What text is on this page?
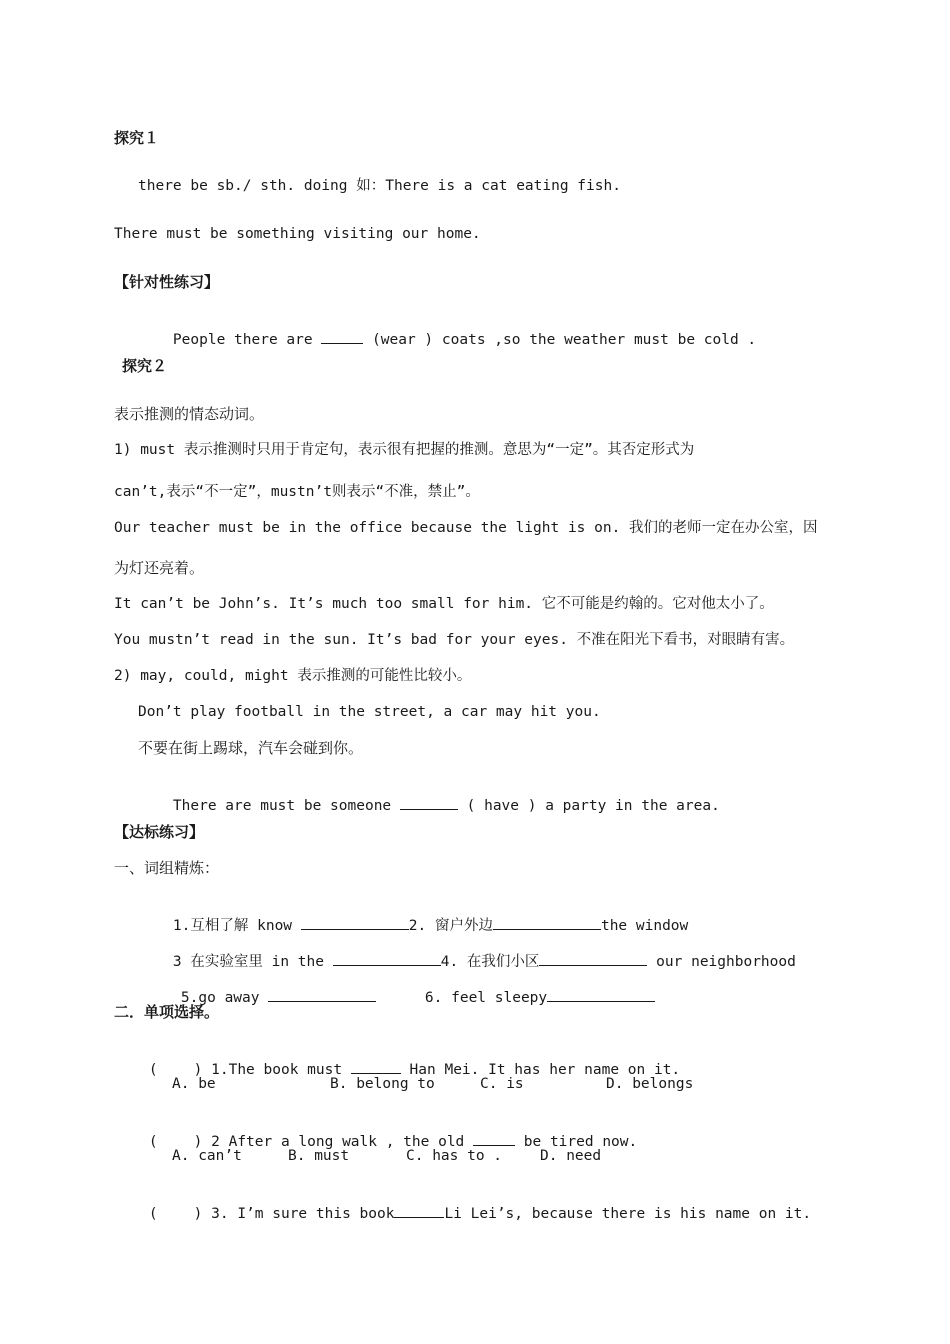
探究１
there be sb./ sth. doing 如：There is a cat eating fish.
There must be something visiting our home.
【针对性练习】

People there are	(wear ) coats ,so the weather must be cold .

探究２
表示推测的情态动词。
1) must 表示推测时只用于肯定句，表示很有把握的推测。意思为“一定”。其否定形式为
can’t,表示“不一定”，mustn’t则表示“不准，禁止”。
Our teacher must be in the office because the light is on. 我们的老师一定在办公室，因
为灯还亮着。
It can’t be John’s. It’s much too small for him. 它不可能是约翰的。它对他太小了。
You mustn’t read in the sun. It’s bad for your eyes. 不准在阳光下看书，对眼睛有害。
2) may, could, might 表示推测的可能性比较小。
Don’t play football in the street, a car may hit you.
不要在街上踢球，汽车会碰到你。

There are must be someone	( have ) a party in the area.

【达标练习】
一、词组精炼：

1.互相了解 know	2. 窗户外边	the window

3 在实验室里 in the	4. 在我们小区	our neighborhood

5.go away
	6. feel sleepy

二．单项选择。

( ) 1.The book must	Han Mei. It has her name on it.

A. be	B. belong to	C. is	D. belongs

( ) 2 After a long walk , the old	be tired now.

A. can’t	B. must	C. has to .	D. need

( ) 3. I’m sure this book	Li Lei’s, because there is his name on it.
